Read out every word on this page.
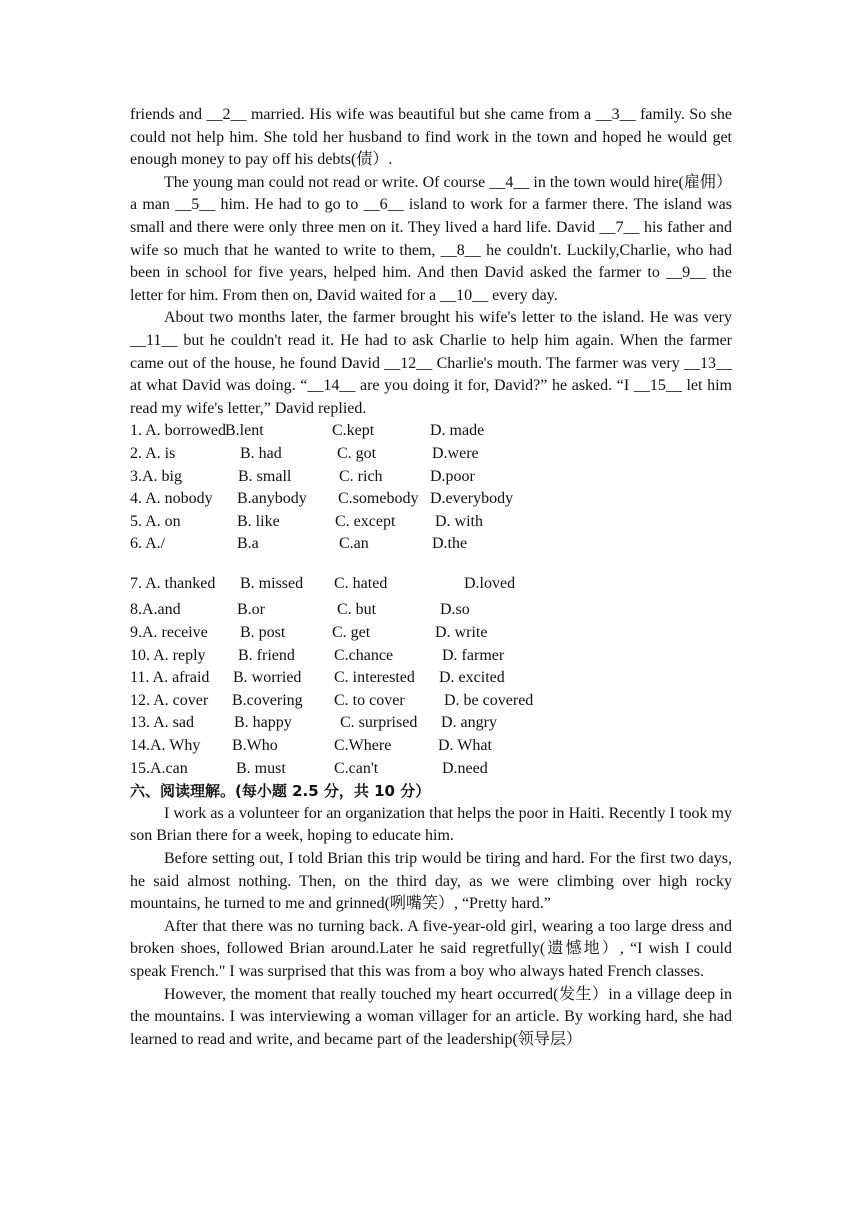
friends and __2__ married. His wife was beautiful but she came from a __3__ family. So she could not help him. She told her husband to find work in the town and hoped he would get enough money to pay off his debts(债）.

The young man could not read or write. Of course __4__ in the town would hire(雇佣）a man __5__ him. He had to go to __6__ island to work for a farmer there. The island was small and there were only three men on it. They lived a hard life. David __7__ his father and wife so much that he wanted to write to them, __8__ he couldn't. Luckily,Charlie, who had been in school for five years, helped him. And then David asked the farmer to __9__ the letter for him. From then on, David waited for a __10__ every day.

About two months later, the farmer brought his wife's letter to the island. He was very __11__ but he couldn't read it. He had to ask Charlie to help him again. When the farmer came out of the house, he found David __12__ Charlie's mouth. The farmer was very __13__ at what David was doing. “__14__ are you doing it for, David?” he asked. “I __15__ let him read my wife's letter,” David replied.

1. A. borrowed B.lent	C.kept	D. made
2. A. is	B. had	C. got	D.were
3.A. big	B. small	C. rich	D.poor
4. A. nobody B.anybody C.somebody D.everybody
5. A. on	B. like	C. except D. with
6. A./	B.a	C.an	D.the
7. A. thanked B. missed C. hated	D.loved
8.A.and	B.or	C. but	D.so
9.A. receive B. post	C. get	D. write
10. A. reply B. friend C.chance	D. farmer
11. A. afraid B. worried C. interested D. excited
12. A. cover B.covering C. to cover D. be covered
13. A. sad	B. happy	C. surprised D. angry
14.A. Why B.Who	C.Where	D. What
15.A.can	B. must	C.can't	D.need

六、阅读理解。(每小题 2.5 分，共 10 分）

I work as a volunteer for an organization that helps the poor in Haiti. Recently I took my son Brian there for a week, hoping to educate him.

Before setting out, I told Brian this trip would be tiring and hard. For the first two days, he said almost nothing. Then, on the third day, as we were climbing over high rocky mountains, he turned to me and grinned(咧嘴笑）, “Pretty hard.”

After that there was no turning back. A five-year-old girl, wearing a too large dress and broken shoes, followed Brian around.Later he said regretfully(遗憾地）, “I wish I could speak French." I was surprised that this was from a boy who always hated French classes.

However, the moment that really touched my heart occurred(发生）in a village deep in the mountains. I was interviewing a woman villager for an article. By working hard, she had learned to read and write, and became part of the leadership(领导层）
